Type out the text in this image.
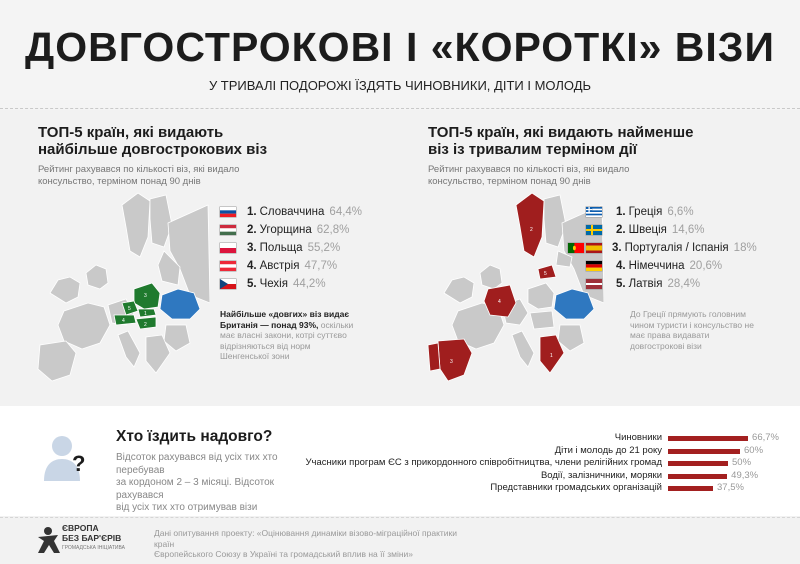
ДОВГОСТРОКОВІ І «КОРОТКІ» ВІЗИ
У ТРИВАЛІ ПОДОРОЖІ ЇЗДЯТЬ ЧИНОВНИКИ, ДІТИ І МОЛОДЬ
ТОП-5 країн, які видають
найбільше довгострокових віз
Рейтинг рахувався по кількості віз, які видало
консульство, терміном понад 90 днів
3
5
1
4
2
1. Словаччина 64,4%
2. Угорщина 62,8%
3. Польща 55,2%
4. Австрія 47,7%
5. Чехія 44,2%
Найбільше «довгих» віз видає
Британія — понад 93%, оскільки
має власні закони, котрі суттєво
відрізняються від норм
Шенгенської зони
ТОП-5 країн, які видають найменше
віз із тривалим терміном дії
Рейтинг рахувався по кількості віз, які видало
консульство, терміном понад 90 днів
1
2
3
4
5
1. Греція 6,6%
2. Швеція 14,6%
3. Португалія / Іспанія 18%
4. Німеччина 20,6%
5. Латвія 28,4%
До Греції прямують головним
чином туристи і консульство не
має права видавати
довгострокові візи
?
Хто їздить надовго?
Відсоток рахувався від усіх тих хто перебував
за кордоном 2 – 3 місяці. Відсоток рахувався
від усіх тих хто отримував візи
Чиновники	66,7%
Діти і молодь до 21 року	60%
Учасники програм ЄС з прикордонного співробітництва, члени релігійних громад	50%
Водії, залізничники, моряки	49,3%
Представники громадських організацій	37,5%
ЄВРОПА
БЕЗ БАР'ЄРІВ
ГРОМАДСЬКА ІНІЦІАТИВА
Дані опитування проекту: «Оцінювання динаміки візово-міграційної практики країн
Європейського Союзу в Україні та громадський вплив на її зміни»
